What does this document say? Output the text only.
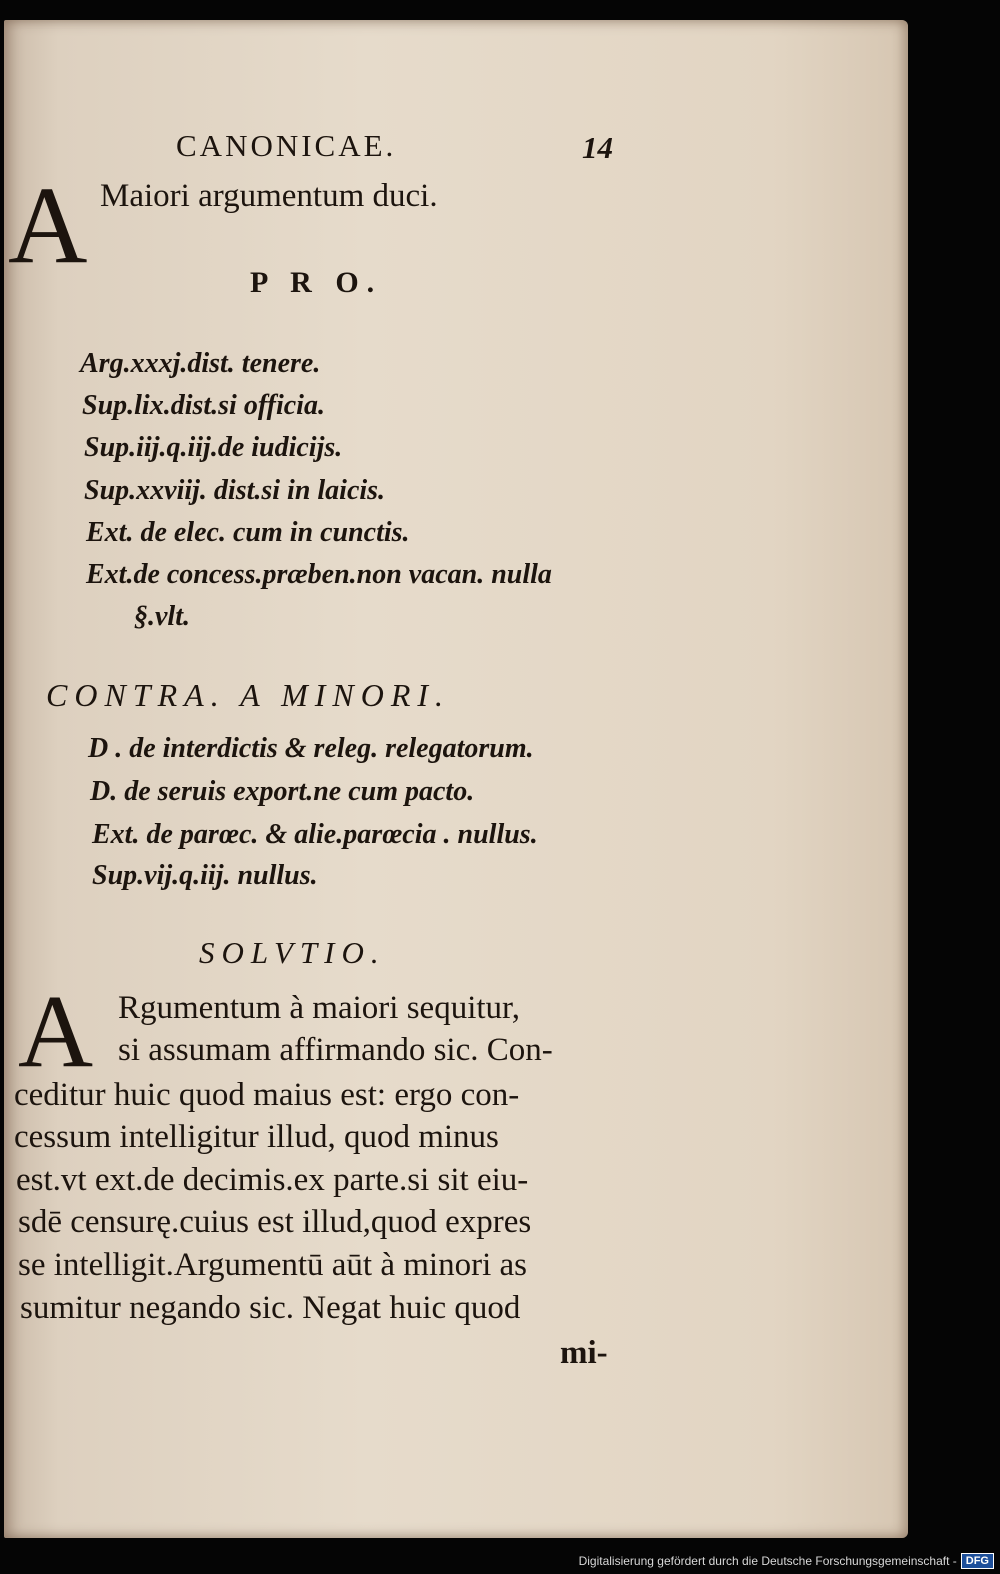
CANONICAE.	14
A Maiori argumentum duci.
P R O.
Arg.xxxj.dist. tenere.
Sup.lix.dist.si officia.
Sup.iij.q.iij.de iudicijs.
Sup.xxviij. dist.si in laicis.
Ext. de elec. cum in cunctis.
Ext.de concess.præben.non vacan. nulla
§.vlt.
CONTRA. A MINORI.
D . de interdictis & releg. relegatorum.
D. de seruis export.ne cum pacto.
Ext. de parœc. & alie.parœcia . nullus.
Sup.vij.q.iij. nullus.
SOLVTIO.
A Rgumentum à maiori sequitur,
si assumam affirmando sic. Con-
ceditur huic quod maius est: ergo con-
cessum intelligitur illud, quod minus
est.vt ext.de decimis.ex parte.si sit eiu-
sdē censurę.cuius est illud,quod expres
se intelligit.Argumentū aūt à minori as
sumitur negando sic. Negat huic quod
mi-
Digitalisierung gefördert durch die Deutsche Forschungsgemeinschaft - DFG
